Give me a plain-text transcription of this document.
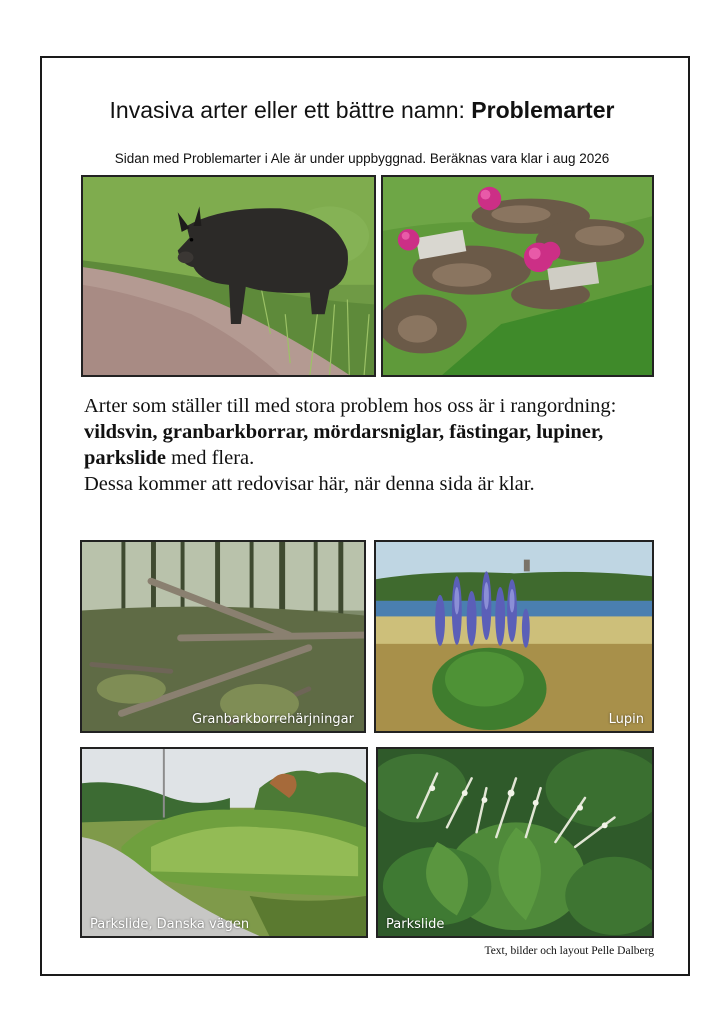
Invasiva arter eller ett bättre namn: Problemarter
Sidan med Problemarter i Ale är under uppbyggnad. Beräknas vara klar i aug 2026
Arter som ställer till med stora problem hos oss är i rangordning:
vildsvin, granbarkborrar, mördarsniglar, fästingar, lupiner,
parkslide med flera.
Dessa kommer att redovisar här, när denna sida är klar.
Granbarkborrehärjningar	Lupin
Parkslide, Danska vägen	Parkslide
Text, bilder och layout Pelle Dalberg
